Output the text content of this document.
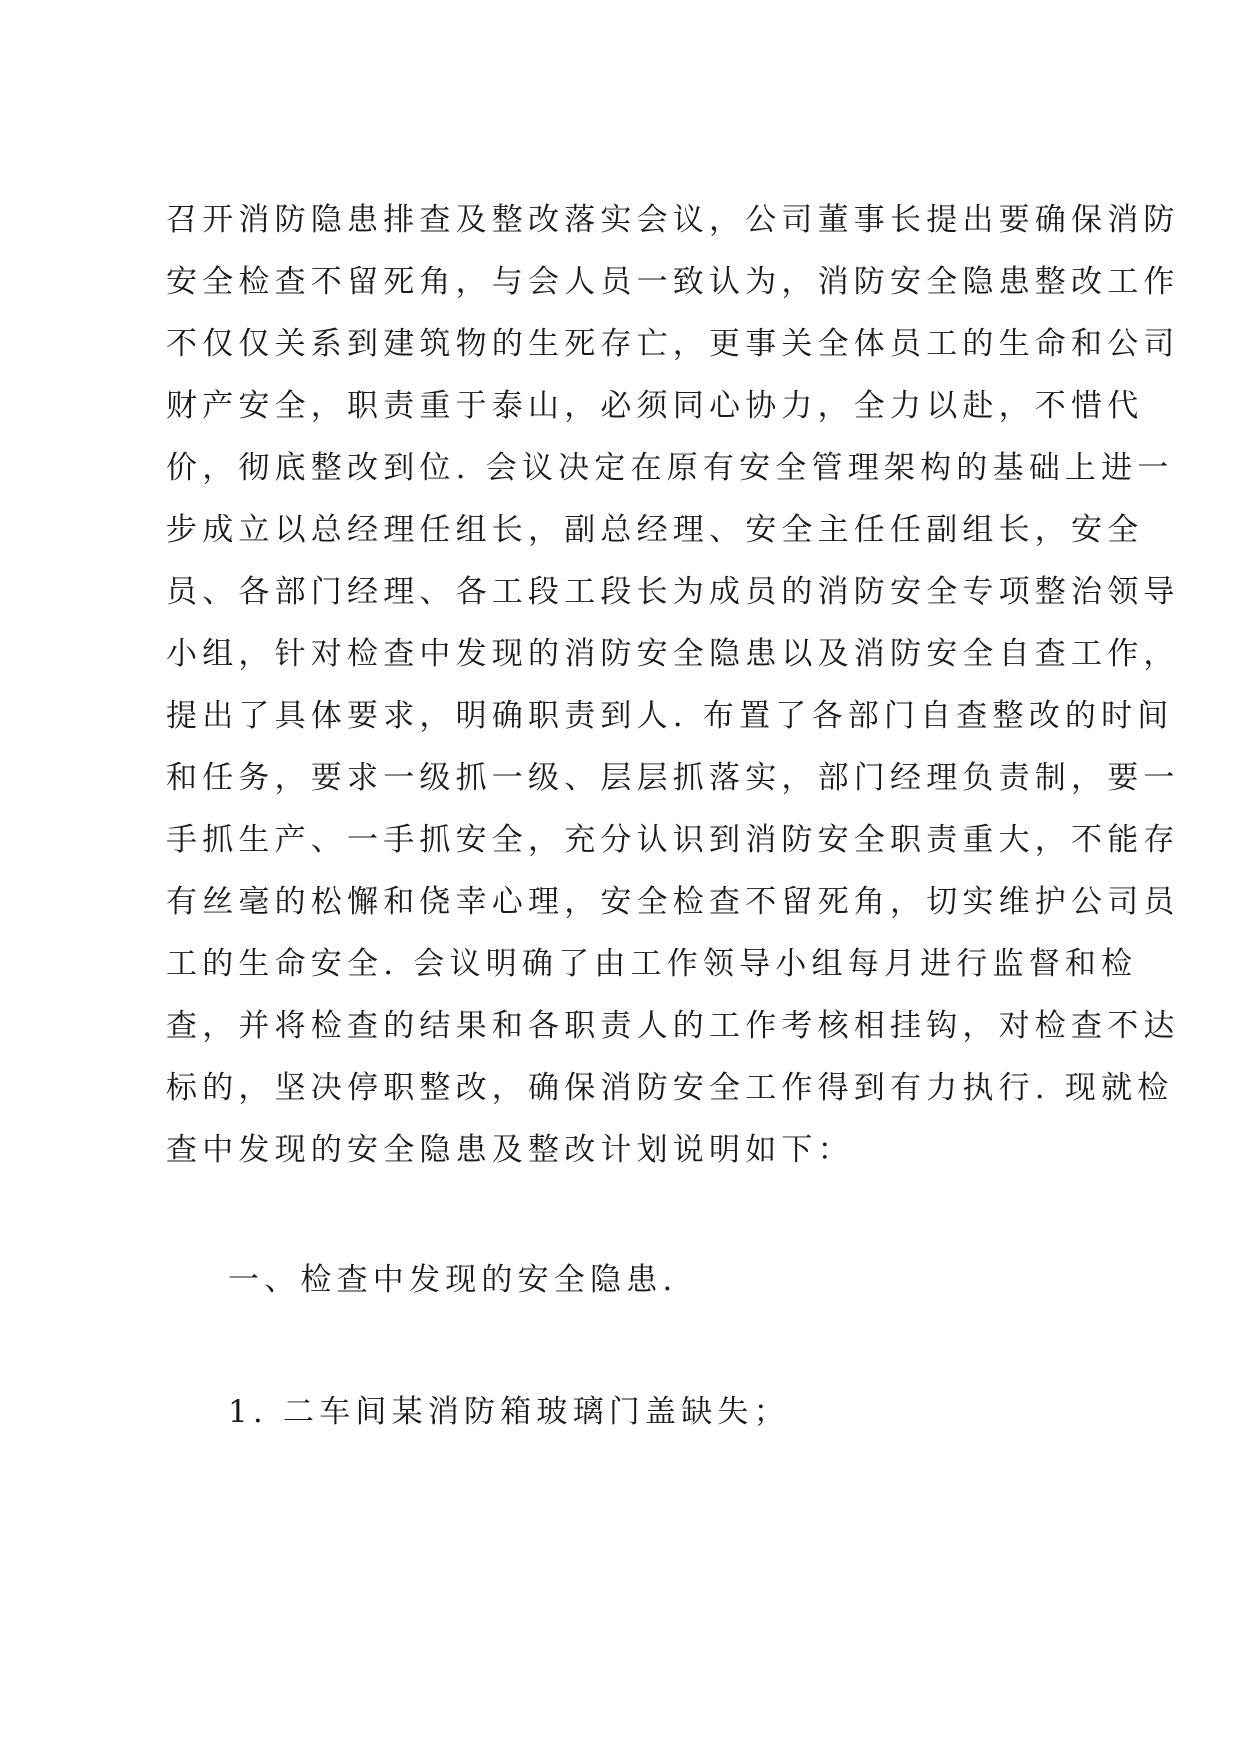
召开消防隐患排查及整改落实会议，公司董事长提出要确保消防
安全检查不留死角，与会人员一致认为，消防安全隐患整改工作
不仅仅关系到建筑物的生死存亡，更事关全体员工的生命和公司
财产安全，职责重于泰山，必须同心协力，全力以赴，不惜代
价，彻底整改到位. 会议决定在原有安全管理架构的基础上进一
步成立以总经理任组长，副总经理、安全主任任副组长，安全
员、各部门经理、各工段工段长为成员的消防安全专项整治领导
小组，针对检查中发现的消防安全隐患以及消防安全自查工作，
提出了具体要求，明确职责到人. 布置了各部门自查整改的时间
和任务，要求一级抓一级、层层抓落实，部门经理负责制，要一
手抓生产、一手抓安全，充分认识到消防安全职责重大，不能存
有丝毫的松懈和侥幸心理，安全检查不留死角，切实维护公司员
工的生命安全. 会议明确了由工作领导小组每月进行监督和检
查，并将检查的结果和各职责人的工作考核相挂钩，对检查不达
标的，坚决停职整改，确保消防安全工作得到有力执行. 现就检
查中发现的安全隐患及整改计划说明如下：
一、检查中发现的安全隐患.
1. 二车间某消防箱玻璃门盖缺失；
